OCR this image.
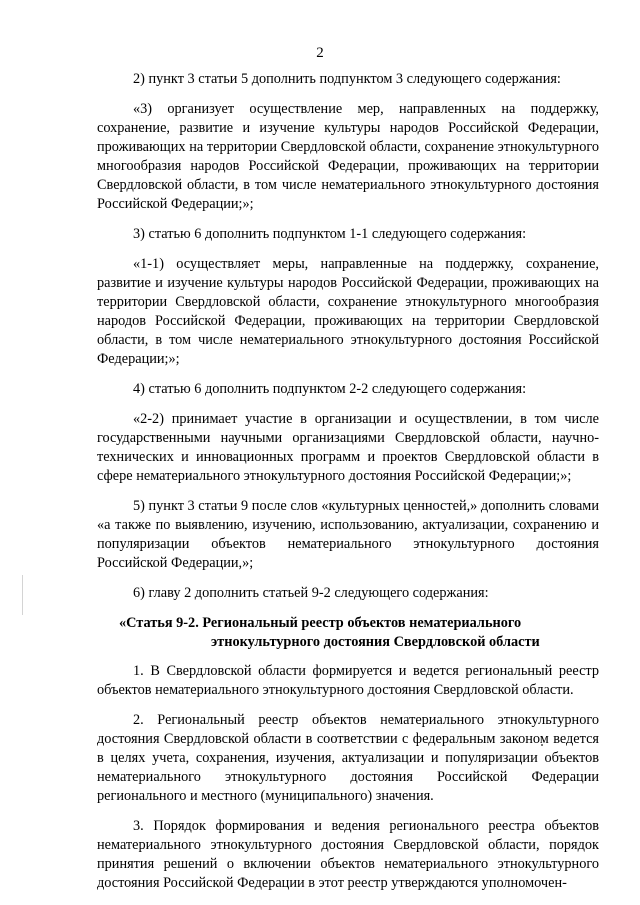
2

2) пункт 3 статьи 5 дополнить подпунктом 3 следующего содержания:

«3) организует осуществление мер, направленных на поддержку, сохранение, развитие и изучение культуры народов Российской Федерации, проживающих на территории Свердловской области, сохранение этнокультурного многообразия народов Российской Федерации, проживающих на территории Свердловской области, в том числе нематериального этнокультурного достояния Российской Федерации;»;

3) статью 6 дополнить подпунктом 1-1 следующего содержания:

«1-1) осуществляет меры, направленные на поддержку, сохранение, развитие и изучение культуры народов Российской Федерации, проживающих на территории Свердловской области, сохранение этнокультурного многообразия народов Российской Федерации, проживающих на территории Свердловской области, в том числе нематериального этнокультурного достояния Российской Федерации;»;

4) статью 6 дополнить подпунктом 2-2 следующего содержания:

«2-2) принимает участие в организации и осуществлении, в том числе государственными научными организациями Свердловской области, научно-технических и инновационных программ и проектов Свердловской области в сфере нематериального этнокультурного достояния Российской Федерации;»;

5) пункт 3 статьи 9 после слов «культурных ценностей,» дополнить словами «а также по выявлению, изучению, использованию, актуализации, сохранению и популяризации объектов нематериального этнокультурного достояния Российской Федерации,»;

6) главу 2 дополнить статьей 9-2 следующего содержания:

«Статья 9-2. Региональный реестр объектов нематериального
этнокультурного достояния Свердловской области

1. В Свердловской области формируется и ведется региональный реестр объектов нематериального этнокультурного достояния Свердловской области.

2. Региональный реестр объектов нематериального этнокультурного достояния Свердловской области в соответствии с федеральным законом ведется в целях учета, сохранения, изучения, актуализации и популяризации объектов нематериального этнокультурного достояния Российской Федерации регионального и местного (муниципального) значения.

3. Порядок формирования и ведения регионального реестра объектов нематериального этнокультурного достояния Свердловской области, порядок принятия решений о включении объектов нематериального этнокультурного достояния Российской Федерации в этот реестр утверждаются уполномочен-
